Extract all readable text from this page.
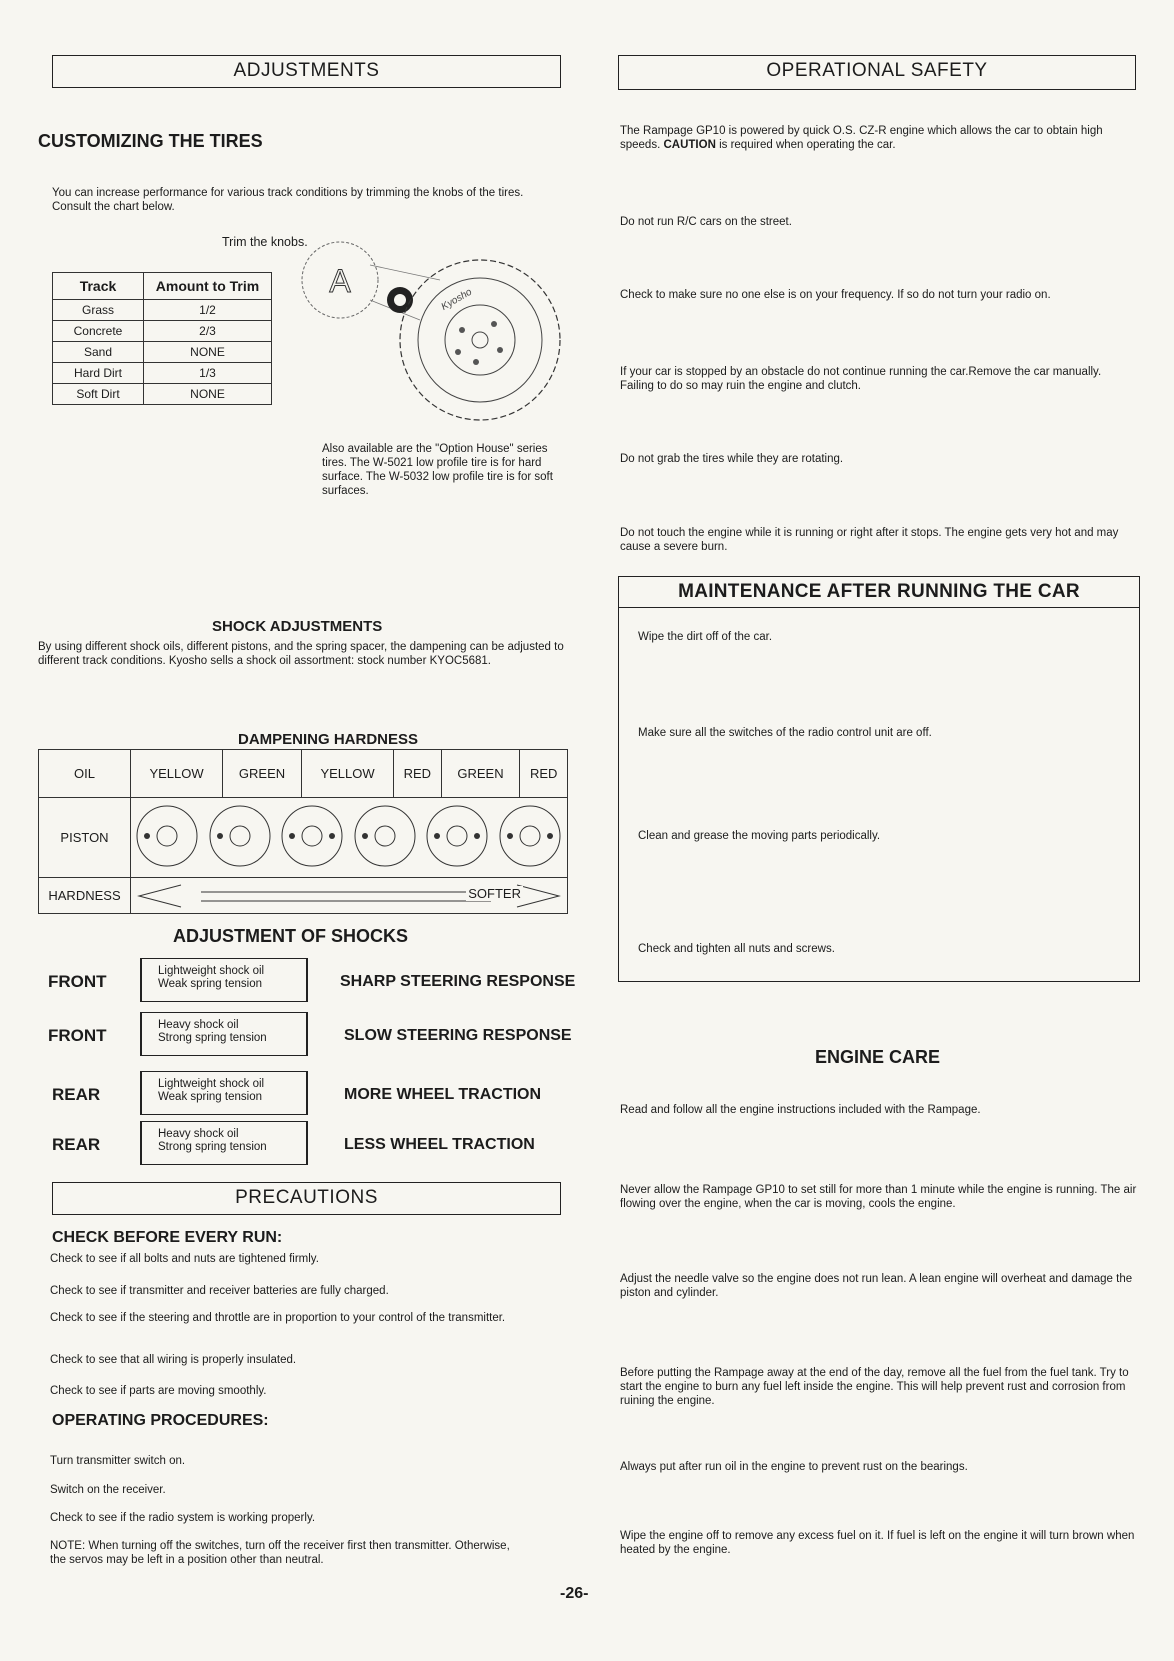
ADJUSTMENTS
CUSTOMIZING THE TIRES
You can increase performance for various track conditions by trimming the knobs of the tires. Consult the chart below.
Trim the knobs.
Track	Amount to Trim
Grass	1/2
Concrete	2/3
Sand	NONE
Hard Dirt	1/3
Soft Dirt	NONE
A
Kyosho
Also available are the "Option House" series tires. The W-5021 low profile tire is for hard surface. The W-5032 low profile tire is for soft surfaces.
SHOCK ADJUSTMENTS
By using different shock oils, different pistons, and the spring spacer, the dampening can be adjusted to different track conditions. Kyosho sells a shock oil assortment: stock number KYOC5681.
DAMPENING HARDNESS
OIL	YELLOW	GREEN	YELLOW	RED	GREEN	RED
PISTON	
HARDNESS	SOFTER					
ADJUSTMENT OF SHOCKS
FRONT
Lightweight shock oil
Weak spring tension	SHARP STEERING RESPONSE
FRONT
Heavy shock oil
Strong spring tension	SLOW STEERING RESPONSE
REAR
Lightweight shock oil
Weak spring tension	MORE WHEEL TRACTION
REAR
Heavy shock oil
Strong spring tension	LESS WHEEL TRACTION
PRECAUTIONS
CHECK BEFORE EVERY RUN:
Check to see if all bolts and nuts are tightened firmly.
Check to see if transmitter and receiver batteries are fully charged.
Check to see if the steering and throttle are in proportion to your control of the transmitter.
Check to see that all wiring is properly insulated.
Check to see if parts are moving smoothly.
OPERATING PROCEDURES:
Turn transmitter switch on.
Switch on the receiver.
Check to see if the radio system is working properly.
NOTE: When turning off the switches, turn off the receiver first then transmitter. Otherwise, the servos may be left in a position other than neutral.
OPERATIONAL SAFETY
The Rampage GP10 is powered by quick O.S. CZ-R engine which allows the car to obtain high speeds. CAUTION is required when operating the car.
Do not run R/C cars on the street.
Check to make sure no one else is on your frequency. If so do not turn your radio on.
If your car is stopped by an obstacle do not continue running the car.Remove the car manually. Failing to do so may ruin the engine and clutch.
Do not grab the tires while they are rotating.
Do not touch the engine while it is running or right after it stops. The engine gets very hot and may cause a severe burn.
MAINTENANCE AFTER RUNNING THE CAR
Wipe the dirt off of the car.
Make sure all the switches of the radio control unit are off.
Clean and grease the moving parts periodically.
Check and tighten all nuts and screws.
ENGINE CARE
Read and follow all the engine instructions included with the Rampage.
Never allow the Rampage GP10 to set still for more than 1 minute while the engine is running. The air flowing over the engine, when the car is moving, cools the engine.
Adjust the needle valve so the engine does not run lean. A lean engine will overheat and damage the piston and cylinder.
Before putting the Rampage away at the end of the day, remove all the fuel from the fuel tank. Try to start the engine to burn any fuel left inside the engine. This will help prevent rust and corrosion from ruining the engine.
Always put after run oil in the engine to prevent rust on the bearings.
Wipe the engine off to remove any excess fuel on it. If fuel is left on the engine it will turn brown when heated by the engine.
-26-
